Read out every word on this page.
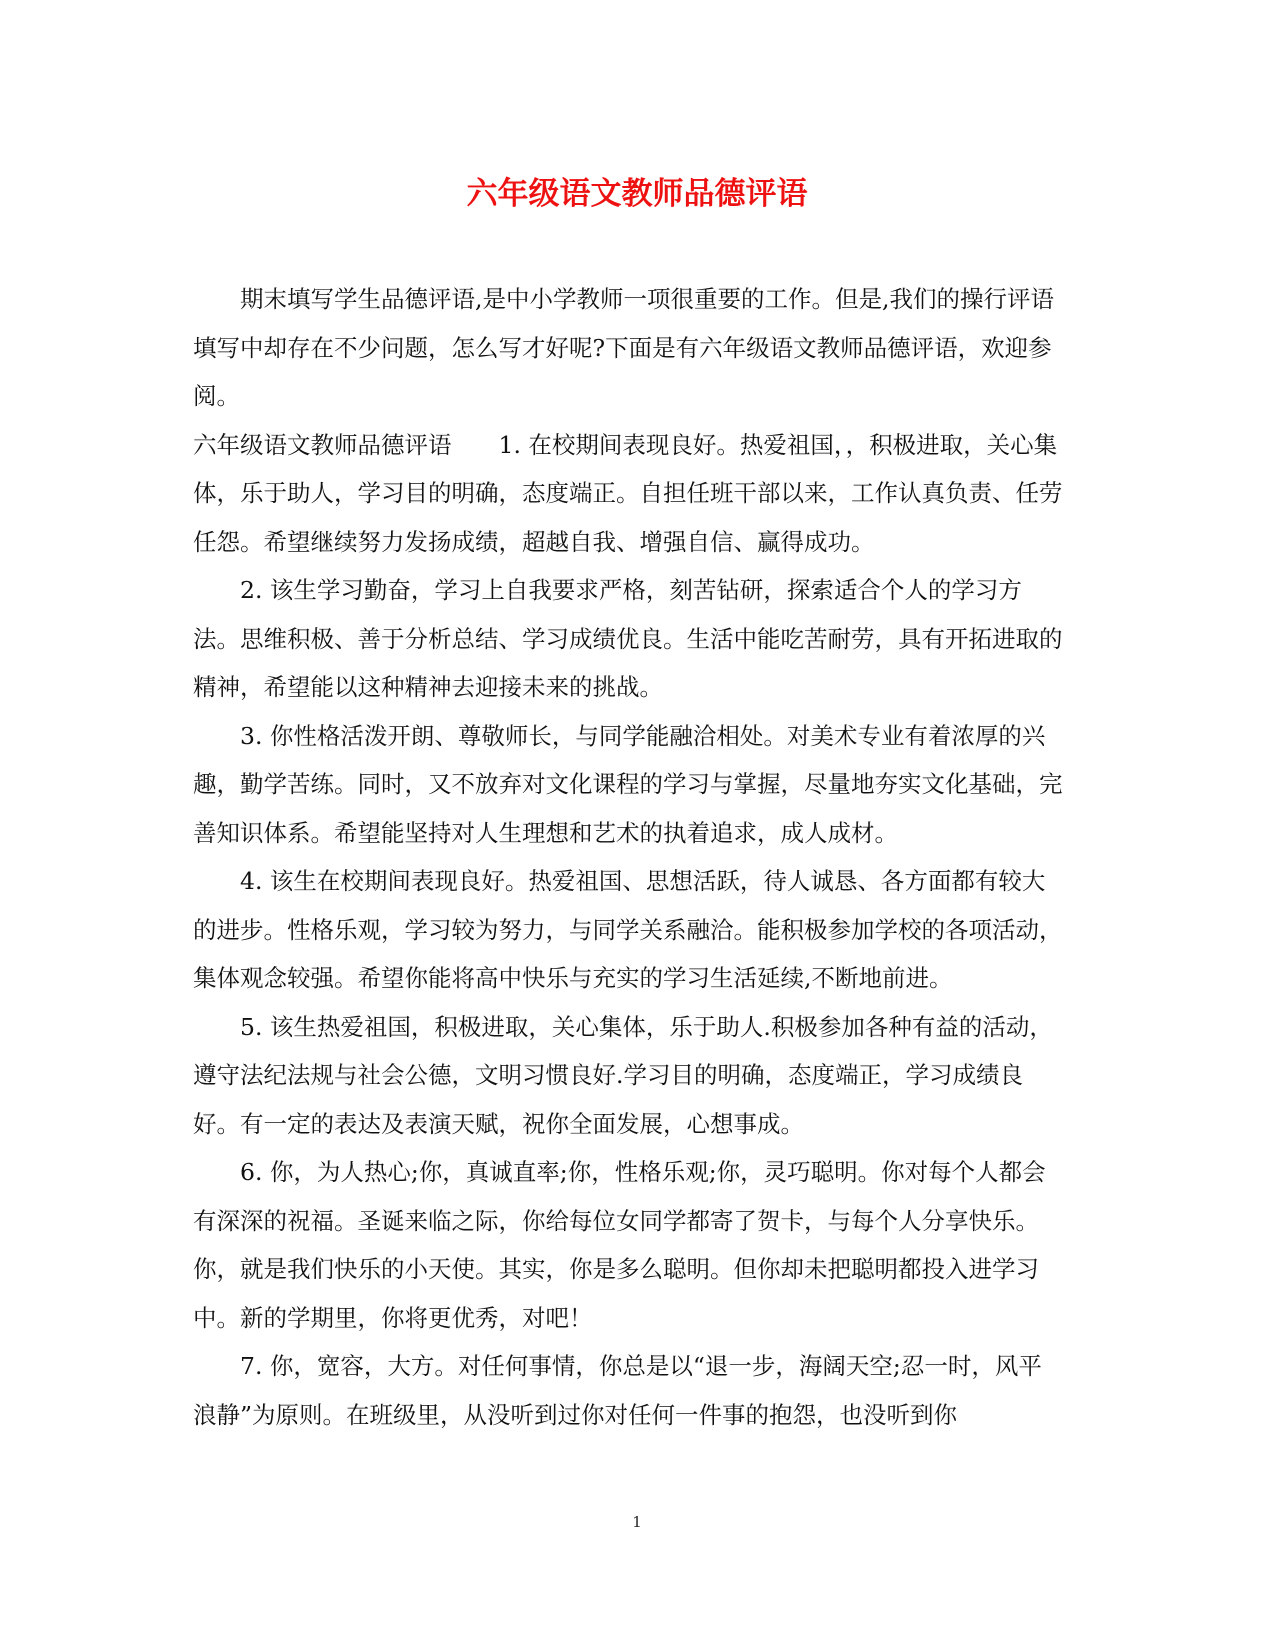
六年级语文教师品德评语

期末填写学生品德评语,是中小学教师一项很重要的工作。但是,我们的操行评语填写中却存在不少问题，怎么写才好呢?下面是有六年级语文教师品德评语，欢迎参阅。

六年级语文教师品德评语　　1. 在校期间表现良好。热爱祖国，，积极进取，关心集体，乐于助人，学习目的明确，态度端正。自担任班干部以来，工作认真负责、任劳任怨。希望继续努力发扬成绩，超越自我、增强自信、赢得成功。

2. 该生学习勤奋，学习上自我要求严格，刻苦钻研，探索适合个人的学习方法。思维积极、善于分析总结、学习成绩优良。生活中能吃苦耐劳，具有开拓进取的精神，希望能以这种精神去迎接未来的挑战。

3. 你性格活泼开朗、尊敬师长，与同学能融洽相处。对美术专业有着浓厚的兴趣，勤学苦练。同时，又不放弃对文化课程的学习与掌握，尽量地夯实文化基础，完善知识体系。希望能坚持对人生理想和艺术的执着追求，成人成材。

4. 该生在校期间表现良好。热爱祖国、思想活跃，待人诚恳、各方面都有较大的进步。性格乐观，学习较为努力，与同学关系融洽。能积极参加学校的各项活动，集体观念较强。希望你能将高中快乐与充实的学习生活延续,不断地前进。

5. 该生热爱祖国，积极进取，关心集体，乐于助人.积极参加各种有益的活动，遵守法纪法规与社会公德，文明习惯良好.学习目的明确，态度端正，学习成绩良好。有一定的表达及表演天赋，祝你全面发展，心想事成。

6. 你，为人热心;你，真诚直率;你，性格乐观;你，灵巧聪明。你对每个人都会有深深的祝福。圣诞来临之际，你给每位女同学都寄了贺卡，与每个人分享快乐。你，就是我们快乐的小天使。其实，你是多么聪明。但你却未把聪明都投入进学习中。新的学期里，你将更优秀，对吧！

7. 你，宽容，大方。对任何事情，你总是以“退一步，海阔天空;忍一时，风平浪静”为原则。在班级里，从没听到过你对任何一件事的抱怨，也没听到你

1
